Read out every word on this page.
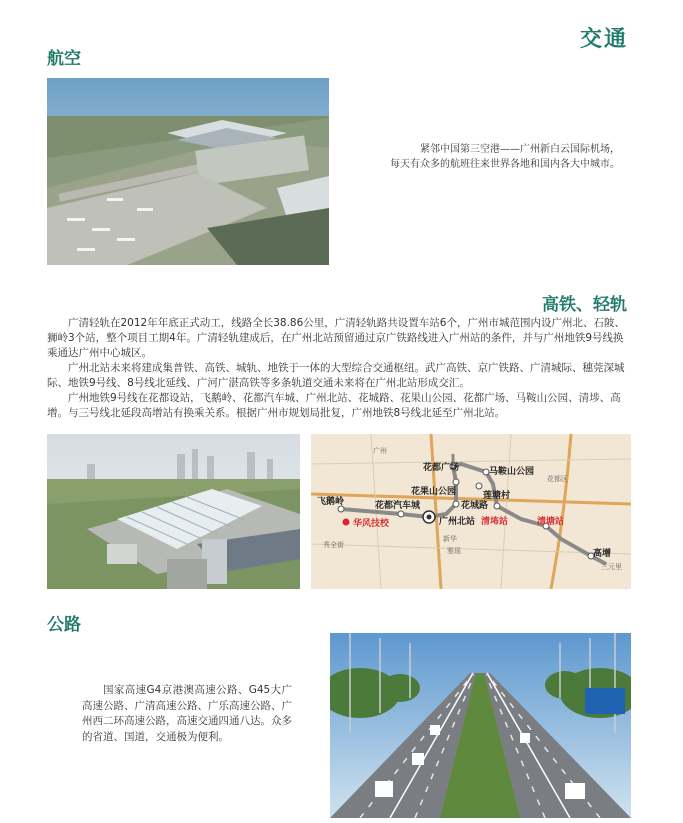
交通
航空
紧邻中国第三空港——广州新白云国际机场，
每天有众多的航班往来世界各地和国内各大中城市。
高铁、轻轨

广清轻轨在2012年年底正式动工，线路全长38.86公里，广清轻轨路共设置车站6个，广州市城范围内设广州北、石陂、狮岭3个站，整个项目工期4年。广清轻轨建成后，在广州北站预留通过京广铁路线进入广州站的条件，并与广州地铁9号线换乘通达广州中心城区。

广州北站未来将建成集普铁、高铁、城轨、地铁于一体的大型综合交通枢纽。武广高铁、京广铁路、广清城际、穗莞深城际、地铁9号线、8号线北延线、广河广湛高铁等多条轨道交通未来将在广州北站形成交汇。

广州地铁9号线在花都设站，飞鹅岭、花都汽车城、广州北站、花城路、花果山公园、花都广场、马鞍山公园、清埗、高增。与三号线北延段高增站有换乘关系。根据广州市规划局批复，广州地铁8号线北延至广州北站。

花都广场	马鞍山公园
花果山公园	莲塘村
飞鹅岭	花都汽车城	花城路
广州北站 清㘵站	清塘站
高增
华风技校
广州
新华
雅瑶
秀全街
三元里
花都区
公路
国家高速G4京港澳高速公路、G45大广高速公路、广清高速公路、广乐高速公路、广州西二环高速公路，高速交通四通八达。众多的省道、国道，交通极为便利。
